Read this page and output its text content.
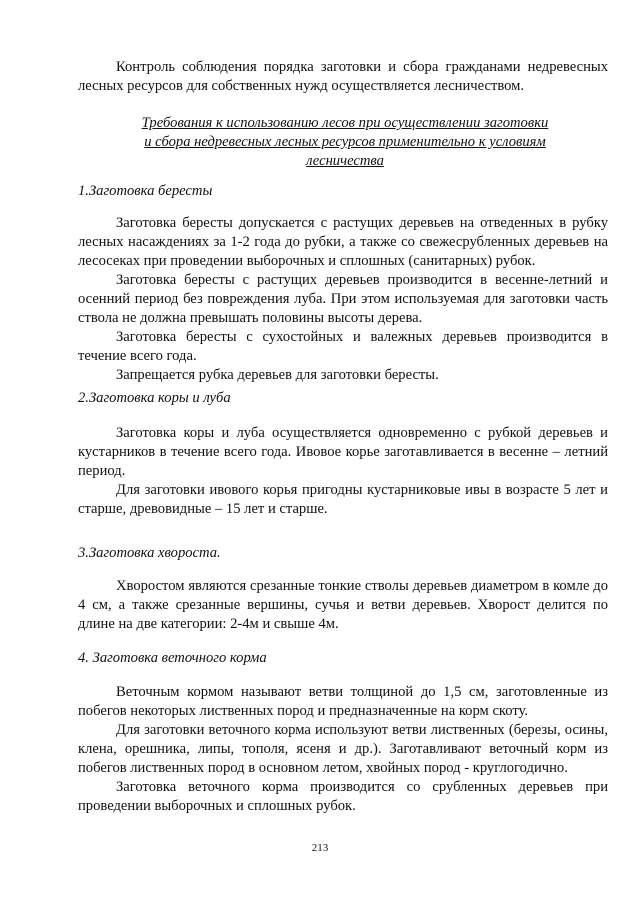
Контроль соблюдения порядка заготовки и сбора гражданами недревесных лесных ресурсов для собственных нужд осуществляется лесничеством.

Требования к использованию лесов при осуществлении заготовки
и сбора недревесных лесных ресурсов применительно к условиям
лесничества

1.Заготовка бересты

Заготовка бересты допускается с растущих деревьев на отведенных в рубку лесных насаждениях за 1-2 года до рубки, а также со свежесрубленных деревьев на лесосеках при проведении выборочных и сплошных (санитарных) рубок.

Заготовка бересты с растущих деревьев производится в весенне-летний и осенний период без повреждения луба. При этом используемая для заготовки часть ствола не должна превышать половины высоты дерева.

Заготовка бересты с сухостойных и валежных деревьев производится в течение всего года.

Запрещается рубка деревьев для заготовки бересты.

2.Заготовка коры и луба

Заготовка коры и луба осуществляется одновременно с рубкой деревьев и кустарников в течение всего года. Ивовое корье заготавливается в весенне – летний период.

Для заготовки ивового корья пригодны кустарниковые ивы в возрасте 5 лет и старше, древовидные – 15 лет и старше.

3.Заготовка хвороста.

Хворостом являются срезанные тонкие стволы деревьев диаметром в комле до 4 см, а также срезанные вершины, сучья и ветви деревьев. Хворост делится по длине на две категории: 2-4м и свыше 4м.

4. Заготовка веточного корма

Веточным кормом называют ветви толщиной до 1,5 см, заготовленные из побегов некоторых лиственных пород и предназначенные на корм скоту.

Для заготовки веточного корма используют ветви лиственных (березы, осины, клена, орешника, липы, тополя, ясеня и др.). Заготавливают веточный корм из побегов лиственных пород в основном летом, хвойных пород - круглогодично.

Заготовка веточного корма производится со срубленных деревьев при проведении выборочных и сплошных рубок.

213
